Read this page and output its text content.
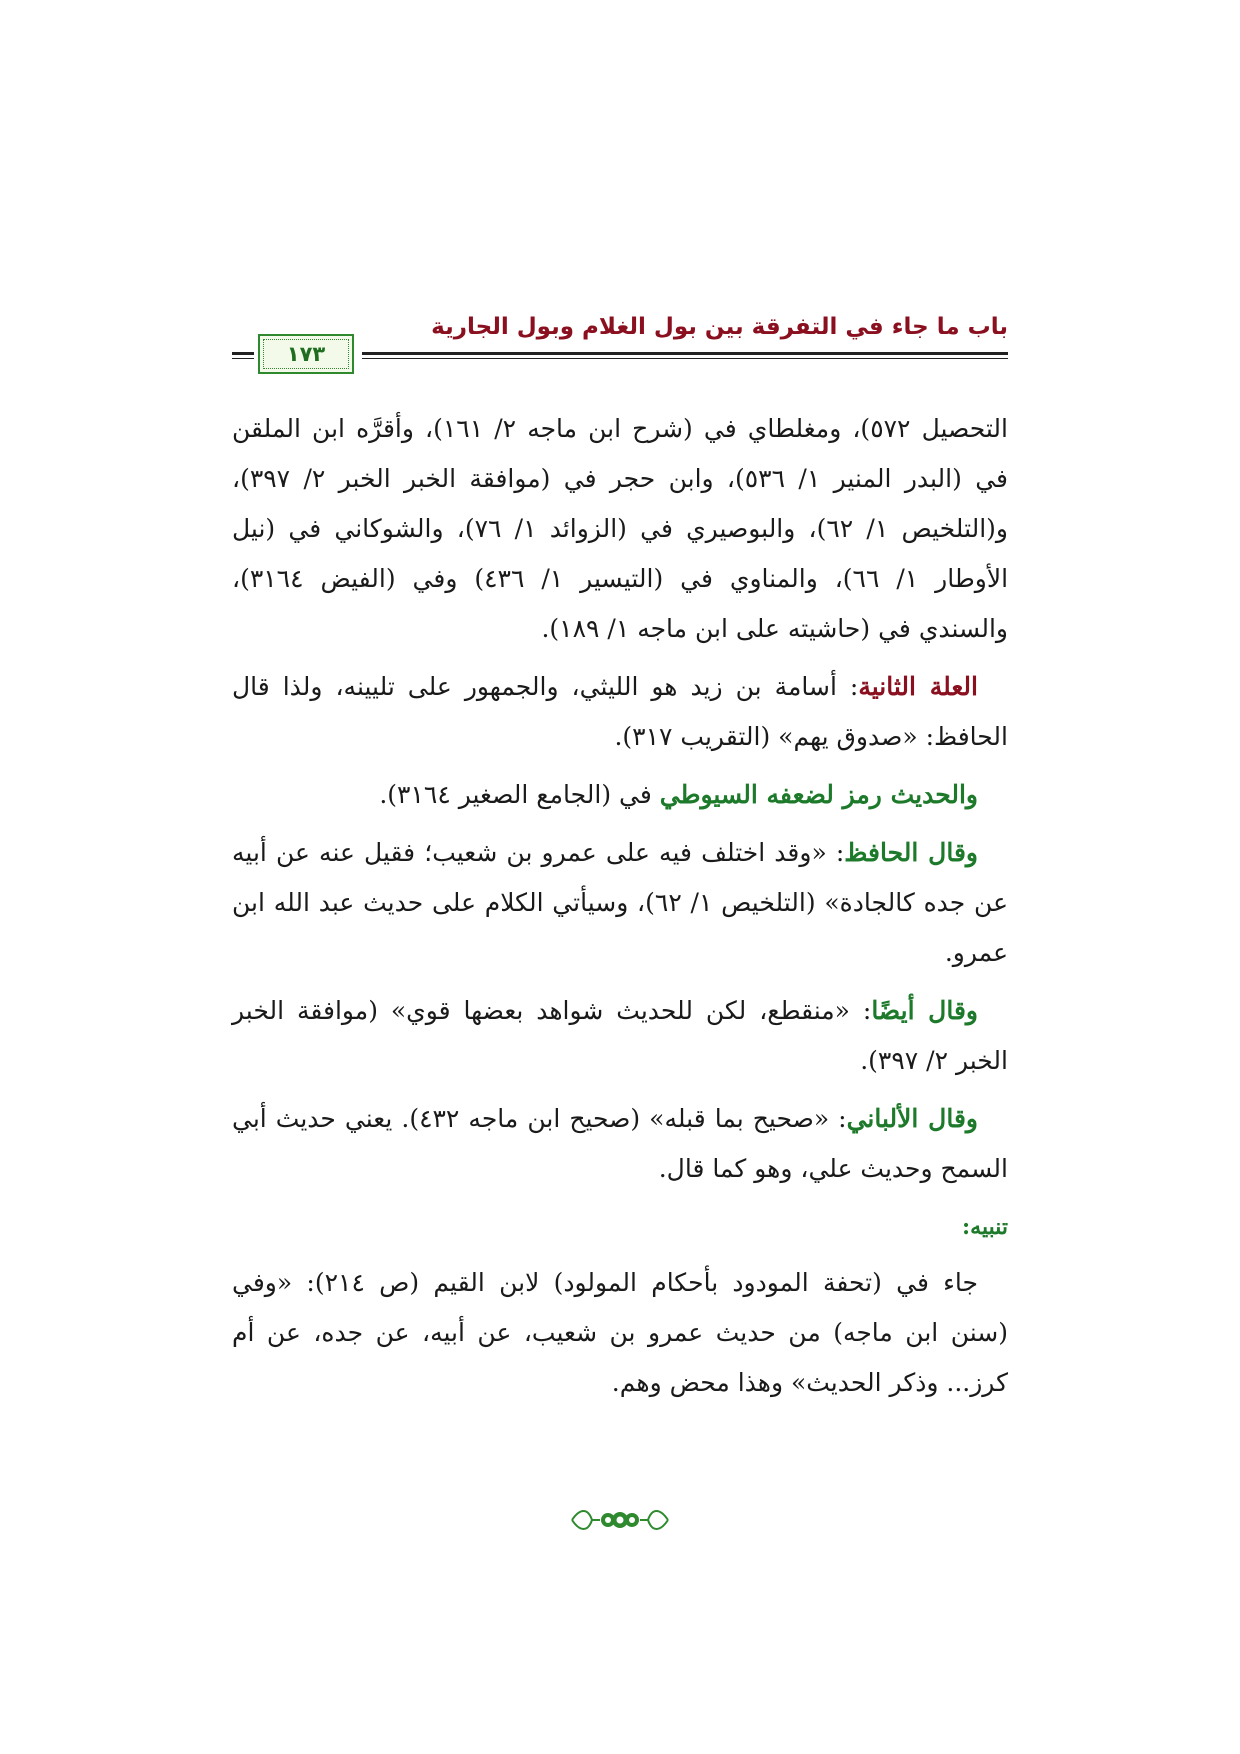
باب ما جاء في التفرقة بين بول الغلام وبول الجارية
١٧٣

التحصيل ٥٧٢)، ومغلطاي في (شرح ابن ماجه ٢/ ١٦١)، وأقرَّه ابن الملقن في (البدر المنير ١/ ٥٣٦)، وابن حجر في (موافقة الخبر الخبر ٢/ ٣٩٧)، و(التلخيص ١/ ٦٢)، والبوصيري في (الزوائد ١/ ٧٦)، والشوكاني في (نيل الأوطار ١/ ٦٦)، والمناوي في (التيسير ١/ ٤٣٦) وفي (الفيض ٣١٦٤)، والسندي في (حاشيته على ابن ماجه ١/ ١٨٩).

العلة الثانية: أسامة بن زيد هو الليثي، والجمهور على تليينه، ولذا قال الحافظ: «صدوق يهم» (التقريب ٣١٧).

والحديث رمز لضعفه السيوطي في (الجامع الصغير ٣١٦٤).

وقال الحافظ: «وقد اختلف فيه على عمرو بن شعيب؛ فقيل عنه عن أبيه عن جده كالجادة» (التلخيص ١/ ٦٢)، وسيأتي الكلام على حديث عبد الله ابن عمرو.

وقال أيضًا: «منقطع، لكن للحديث شواهد بعضها قوي» (موافقة الخبر الخبر ٢/ ٣٩٧).

وقال الألباني: «صحيح بما قبله» (صحيح ابن ماجه ٤٣٢). يعني حديث أبي السمح وحديث علي، وهو كما قال.

تنبيه:

جاء في (تحفة المودود بأحكام المولود) لابن القيم (ص ٢١٤): «وفي (سنن ابن ماجه) من حديث عمرو بن شعيب، عن أبيه، عن جده، عن أم كرز... وذكر الحديث» وهذا محض وهم.
